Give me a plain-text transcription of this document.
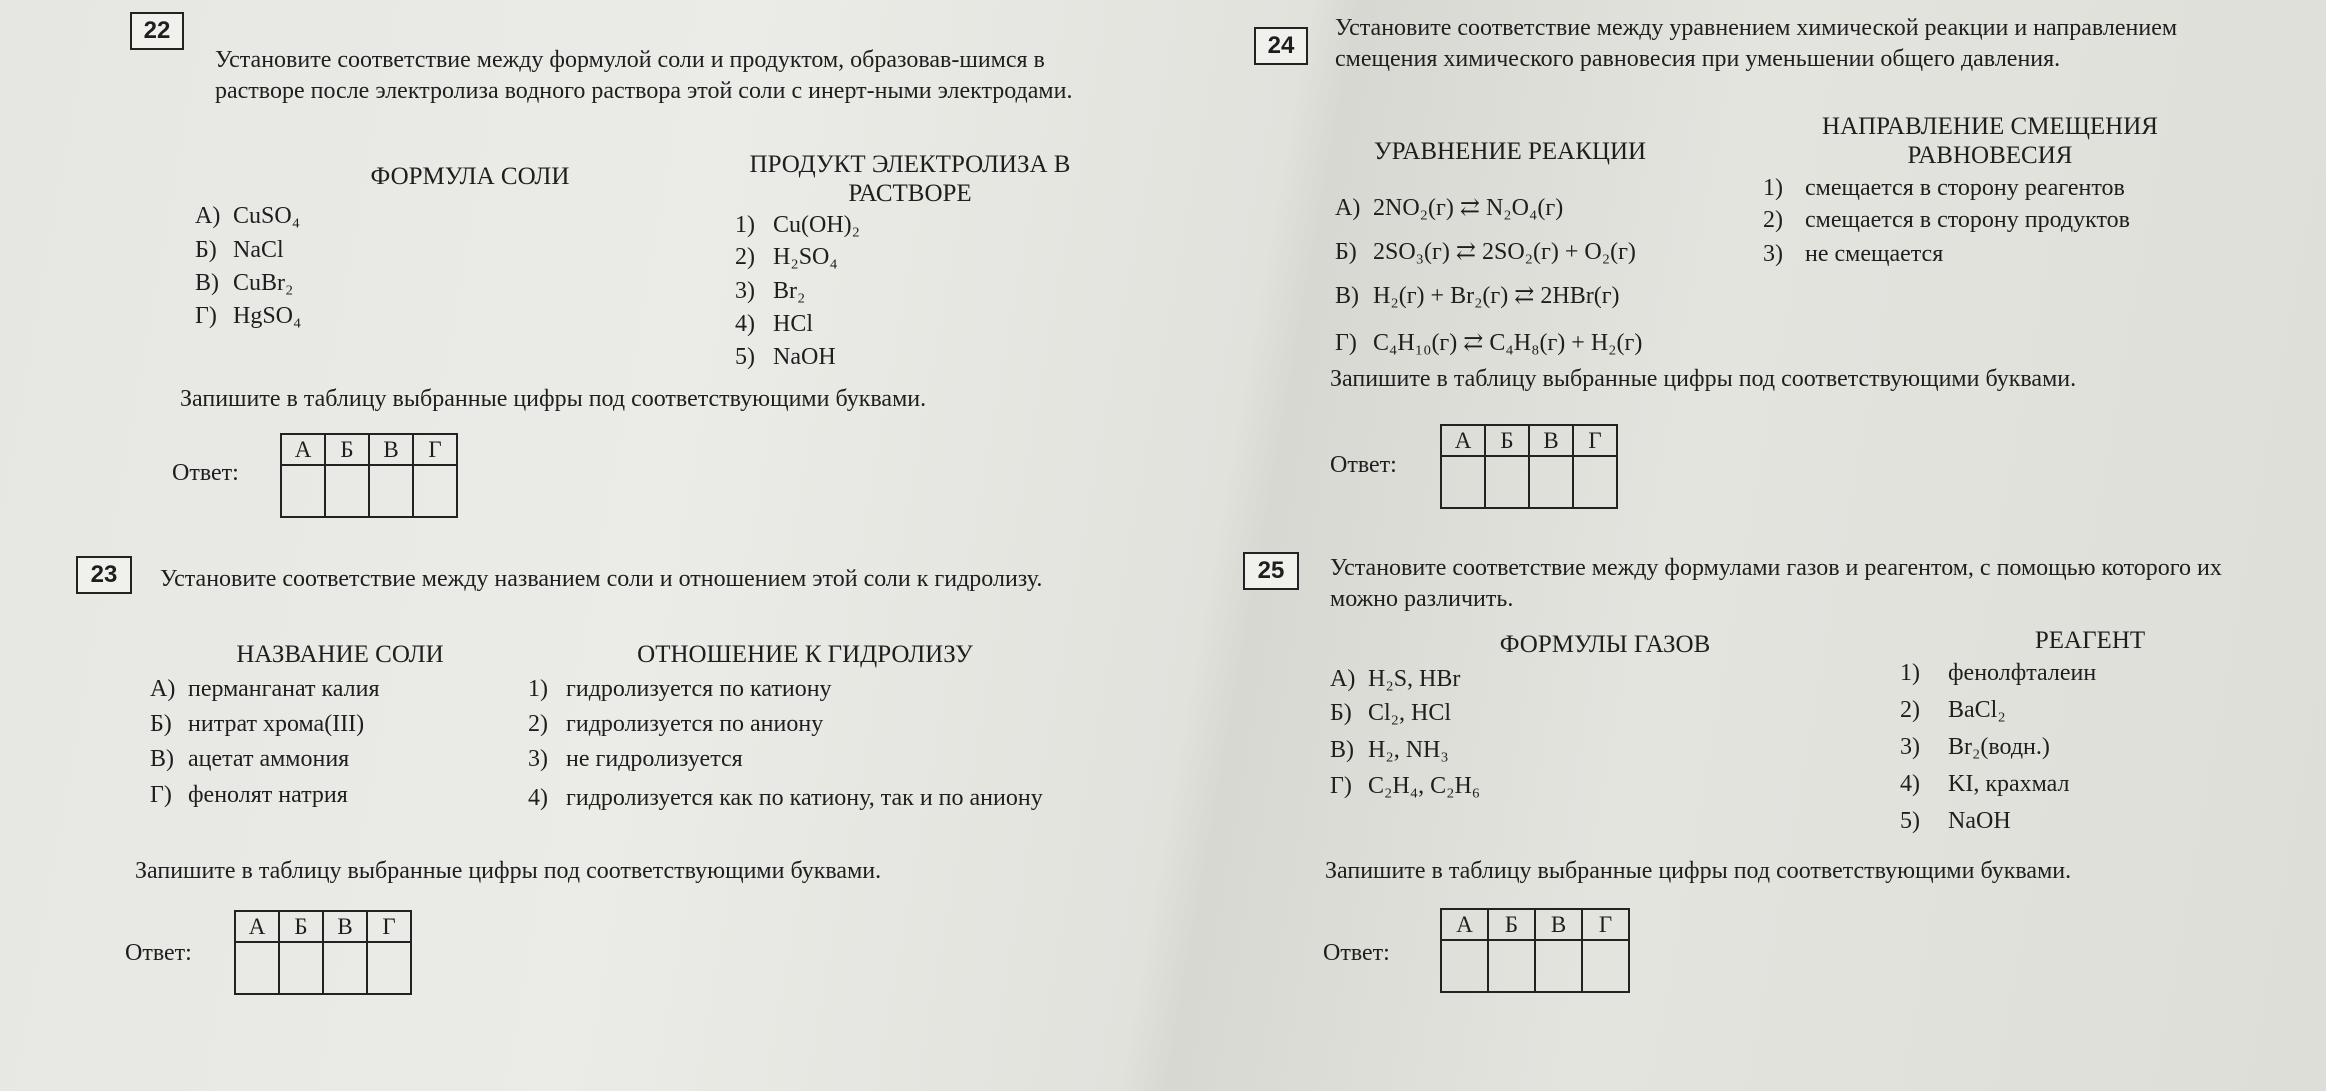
22
Установите соответствие между формулой соли и продуктом, образовав-шимся в растворе после электролиза водного раствора этой соли с инерт-ными электродами.
ФОРМУЛА СОЛИ	ПРОДУКТ ЭЛЕКТРОЛИЗА В РАСТВОРЕ
А) CuSO₄
Б) NaCl
В) CuBr₂
Г) HgSO₄
1) Cu(OH)₂
2) H₂SO₄
3) Br₂
4) HCl
5) NaOH
Запишите в таблицу выбранные цифры под соответствующими буквами.
Ответ:
А	Б	В	Г

23	Установите соответствие между названием соли и отношением этой соли к гидролизу.
НАЗВАНИЕ СОЛИ	ОТНОШЕНИЕ К ГИДРОЛИЗУ
А) перманганат калия
Б) нитрат хрома(III)
В) ацетат аммония
Г) фенолят натрия
1) гидролизуется по катиону
2) гидролизуется по аниону
3) не гидролизуется
4) гидролизуется как по катиону, так и по аниону
Запишите в таблицу выбранные цифры под соответствующими буквами.
Ответ:
А	Б	В	Г

24
Установите соответствие между уравнением химической реакции и направлением смещения химического равновесия при уменьшении общего давления.
УРАВНЕНИЕ РЕАКЦИИ
НАПРАВЛЕНИЕ СМЕЩЕНИЯ РАВНОВЕСИЯ
А) 2NO₂(г) ⇄ N₂O₄(г)
Б) 2SO₃(г) ⇄ 2SO₂(г) + O₂(г)
В) H₂(г) + Br₂(г) ⇄ 2HBr(г)
Г) C₄H₁₀(г) ⇄ C₄H₈(г) + H₂(г)
1) смещается в сторону реагентов
2) смещается в сторону продуктов
3) не смещается
Запишите в таблицу выбранные цифры под соответствующими буквами.
Ответ:
А	Б	В	Г

25	Установите соответствие между формулами газов и реагентом, с помощью которого их можно различить.
ФОРМУЛЫ ГАЗОВ	РЕАГЕНТ
А) H₂S, HBr
Б) Cl₂, HCl
В) H₂, NH₃
Г) C₂H₄, C₂H₆
1) фенолфталеин
2) BaCl₂
3) Br₂(водн.)
4) KI, крахмал
5) NaOH
Запишите в таблицу выбранные цифры под соответствующими буквами.
Ответ:
А	Б	В	Г
